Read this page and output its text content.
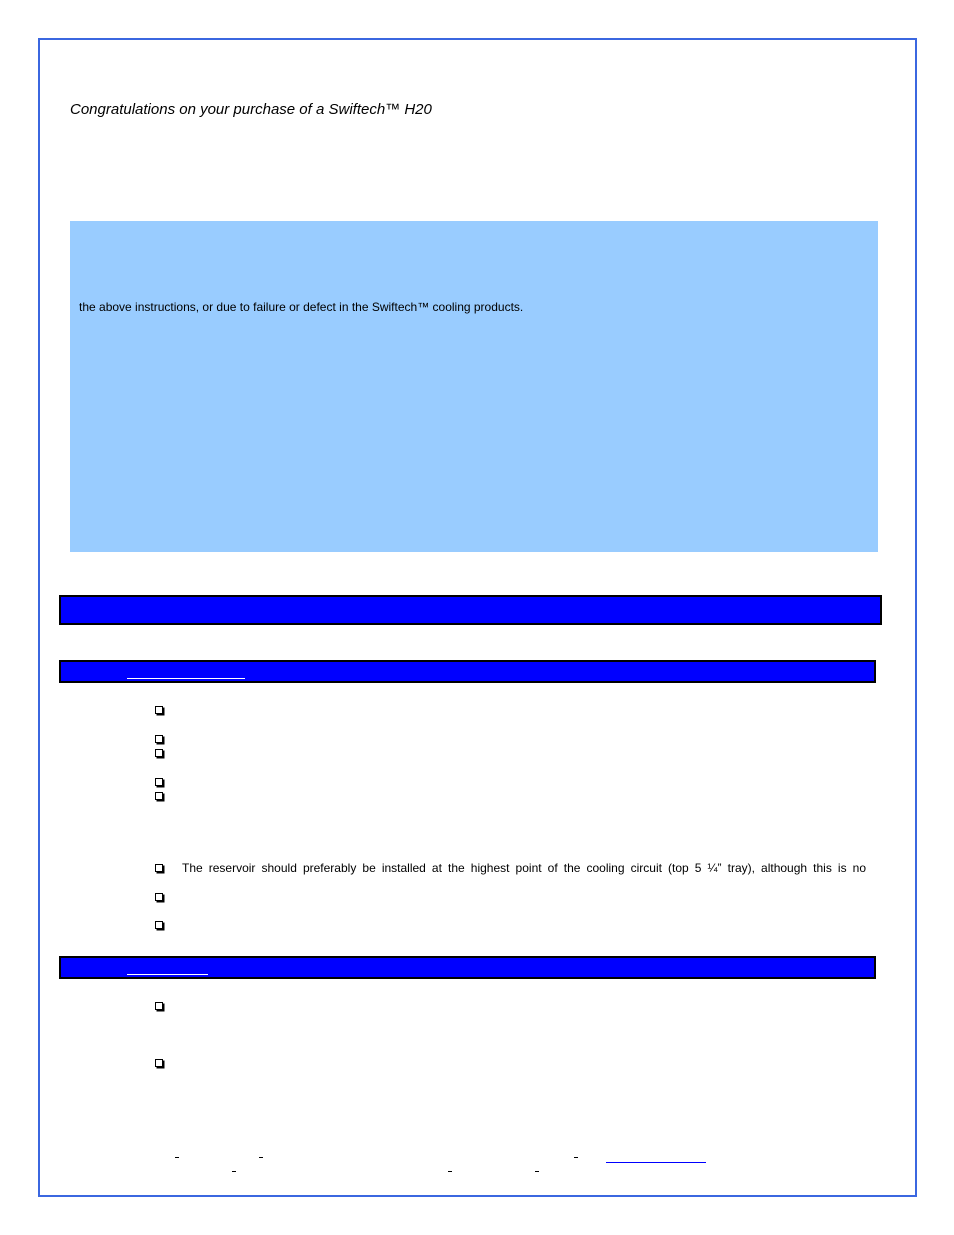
Congratulations on your purchase of a Swiftech™ H20
the above instructions, or due to failure or defect in the Swiftech™ cooling products.
The reservoir should preferably be installed at the highest point of the cooling circuit (top 5 ¼” tray), although this is no
